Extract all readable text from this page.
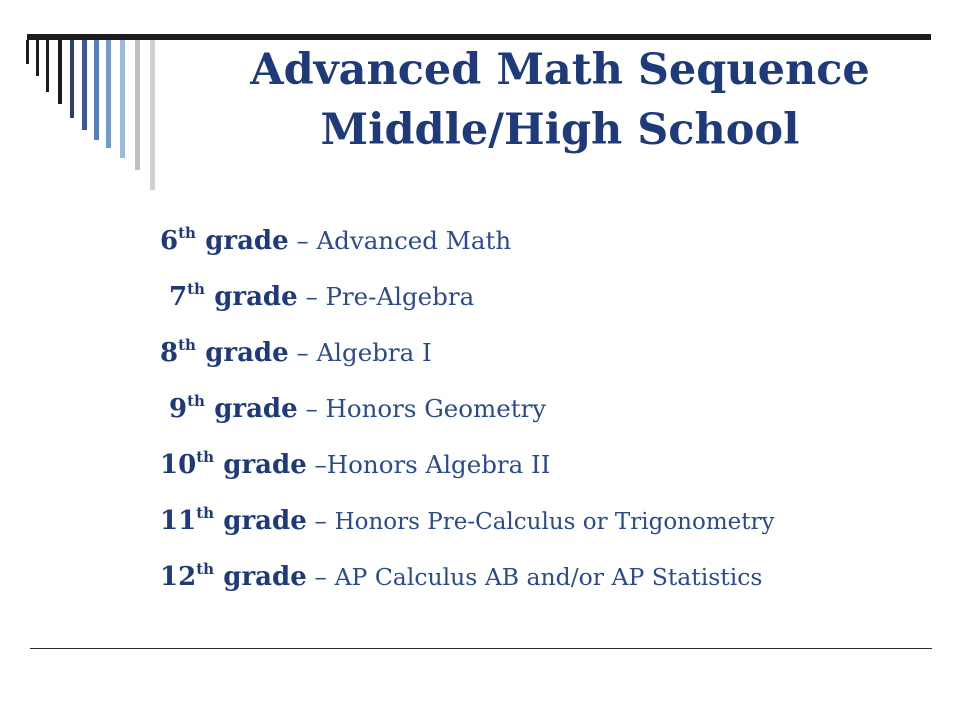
Advanced Math Sequence
Middle/High School
6th grade – Advanced Math
7th grade – Pre-Algebra
8th grade – Algebra I
9th grade – Honors Geometry
10th grade –Honors Algebra II
11th grade – Honors Pre-Calculus or Trigonometry
12th grade – AP Calculus AB and/or AP Statistics
